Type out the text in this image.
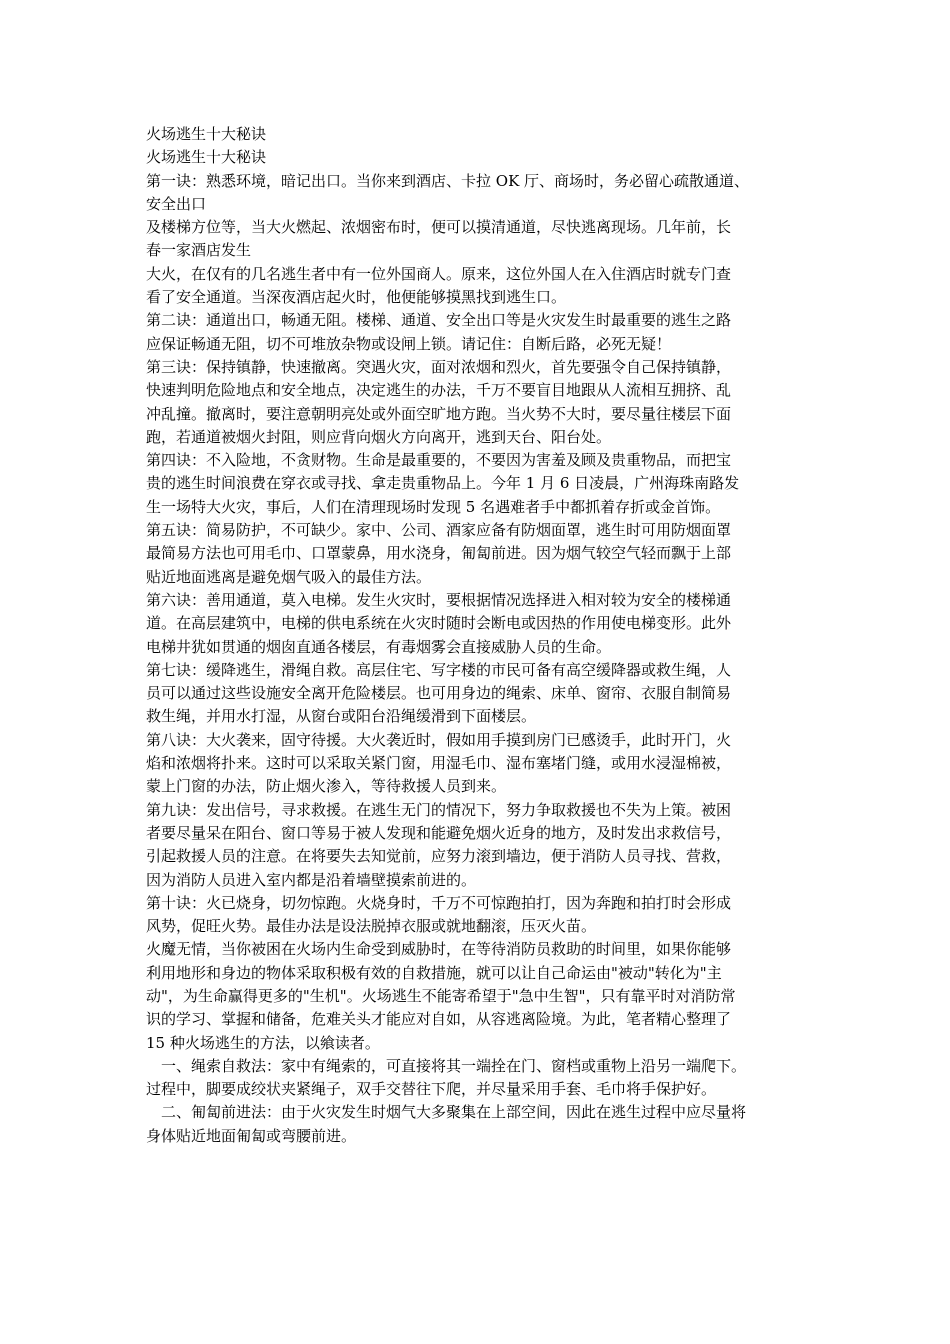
火场逃生十大秘诀
火场逃生十大秘诀
第一诀：熟悉环境，暗记出口。当你来到酒店、卡拉 OK 厅、商场时，务必留心疏散通道、
安全出口
及楼梯方位等，当大火燃起、浓烟密布时，便可以摸清通道，尽快逃离现场。几年前，长
春一家酒店发生
大火，在仅有的几名逃生者中有一位外国商人。原来，这位外国人在入住酒店时就专门查
看了安全通道。当深夜酒店起火时，他便能够摸黑找到逃生口。
第二诀：通道出口，畅通无阻。楼梯、通道、安全出口等是火灾发生时最重要的逃生之路
应保证畅通无阻，切不可堆放杂物或设闸上锁。请记住：自断后路，必死无疑！
第三诀：保持镇静，快速撤离。突遇火灾，面对浓烟和烈火，首先要强令自己保持镇静，
快速判明危险地点和安全地点，决定逃生的办法，千万不要盲目地跟从人流相互拥挤、乱
冲乱撞。撤离时，要注意朝明亮处或外面空旷地方跑。当火势不大时，要尽量往楼层下面
跑，若通道被烟火封阻，则应背向烟火方向离开，逃到天台、阳台处。
第四诀：不入险地，不贪财物。生命是最重要的，不要因为害羞及顾及贵重物品，而把宝
贵的逃生时间浪费在穿衣或寻找、拿走贵重物品上。今年 1 月 6 日凌晨，广州海珠南路发
生一场特大火灾，事后，人们在清理现场时发现 5 名遇难者手中都抓着存折或金首饰。
第五诀：简易防护，不可缺少。家中、公司、酒家应备有防烟面罩，逃生时可用防烟面罩
最简易方法也可用毛巾、口罩蒙鼻，用水浇身，匍匐前进。因为烟气较空气轻而飘于上部
贴近地面逃离是避免烟气吸入的最佳方法。
第六诀：善用通道，莫入电梯。发生火灾时，要根据情况选择进入相对较为安全的楼梯通
道。在高层建筑中，电梯的供电系统在火灾时随时会断电或因热的作用使电梯变形。此外
电梯井犹如贯通的烟囱直通各楼层，有毒烟雾会直接威胁人员的生命。
第七诀：缓降逃生，滑绳自救。高层住宅、写字楼的市民可备有高空缓降器或救生绳，人
员可以通过这些设施安全离开危险楼层。也可用身边的绳索、床单、窗帘、衣服自制简易
救生绳，并用水打湿，从窗台或阳台沿绳缓滑到下面楼层。
第八诀：大火袭来，固守待援。大火袭近时，假如用手摸到房门已感烫手，此时开门，火
焰和浓烟将扑来。这时可以采取关紧门窗，用湿毛巾、湿布塞堵门缝，或用水浸湿棉被，
蒙上门窗的办法，防止烟火渗入，等待救援人员到来。
第九诀：发出信号，寻求救援。在逃生无门的情况下，努力争取救援也不失为上策。被困
者要尽量呆在阳台、窗口等易于被人发现和能避免烟火近身的地方，及时发出求救信号，
引起救援人员的注意。在将要失去知觉前，应努力滚到墙边，便于消防人员寻找、营救，
因为消防人员进入室内都是沿着墙壁摸索前进的。
第十诀：火已烧身，切勿惊跑。火烧身时，千万不可惊跑拍打，因为奔跑和拍打时会形成
风势，促旺火势。最佳办法是设法脱掉衣服或就地翻滚，压灭火苗。
火魔无情，当你被困在火场内生命受到威胁时，在等待消防员救助的时间里，如果你能够
利用地形和身边的物体采取积极有效的自救措施，就可以让自己命运由"被动"转化为"主
动"，为生命赢得更多的"生机"。火场逃生不能寄希望于"急中生智"，只有靠平时对消防常
识的学习、掌握和储备，危难关头才能应对自如，从容逃离险境。为此，笔者精心整理了
15 种火场逃生的方法，以飨读者。
　一、绳索自救法：家中有绳索的，可直接将其一端拴在门、窗档或重物上沿另一端爬下。
过程中，脚要成绞状夹紧绳子，双手交替往下爬，并尽量采用手套、毛巾将手保护好。
　二、匍匐前进法：由于火灾发生时烟气大多聚集在上部空间，因此在逃生过程中应尽量将
身体贴近地面匍匐或弯腰前进。
